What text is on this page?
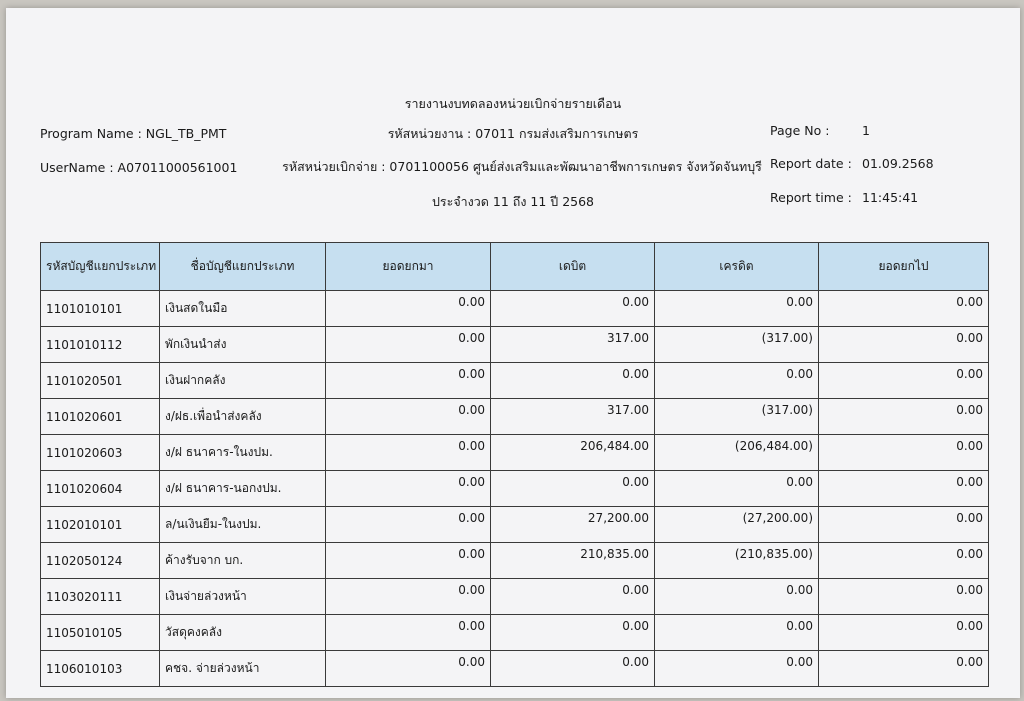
รายงานงบทดลองหน่วยเบิกจ่ายรายเดือน
Program Name : NGL_TB_PMT	รหัสหน่วยงาน : 07011 กรมส่งเสริมการเกษตร	Page No :	1
UserName : A07011000561001	รหัสหน่วยเบิกจ่าย : 0701100056 ศูนย์ส่งเสริมและพัฒนาอาชีพการเกษตร จังหวัดจันทบุรี Report date : 01.09.2568
ประจำงวด 11 ถึง 11 ปี 2568	Report time : 11:45:41
รหัสบัญชีแยกประเภท	ชื่อบัญชีแยกประเภท	ยอดยกมา	เดบิต	เครดิต	ยอดยกไป
1101010101	เงินสดในมือ	0.00	0.00	0.00	0.00
1101010112	พักเงินนำส่ง	0.00	317.00	(317.00)	0.00
1101020501	เงินฝากคลัง	0.00	0.00	0.00	0.00
1101020601	ง/ฝธ.เพื่อนำส่งคลัง	0.00	317.00	(317.00)	0.00
1101020603	ง/ฝ ธนาคาร-ในงปม.	0.00	206,484.00	(206,484.00)	0.00
1101020604	ง/ฝ ธนาคาร-นอกงปม.	0.00	0.00	0.00	0.00
1102010101	ล/นเงินยืม-ในงปม.	0.00	27,200.00	(27,200.00)	0.00
1102050124	ค้างรับจาก บก.	0.00	210,835.00	(210,835.00)	0.00
1103020111	เงินจ่ายล่วงหน้า	0.00	0.00	0.00	0.00
1105010105	วัสดุคงคลัง	0.00	0.00	0.00	0.00
1106010103	คชจ. จ่ายล่วงหน้า	0.00	0.00	0.00	0.00
